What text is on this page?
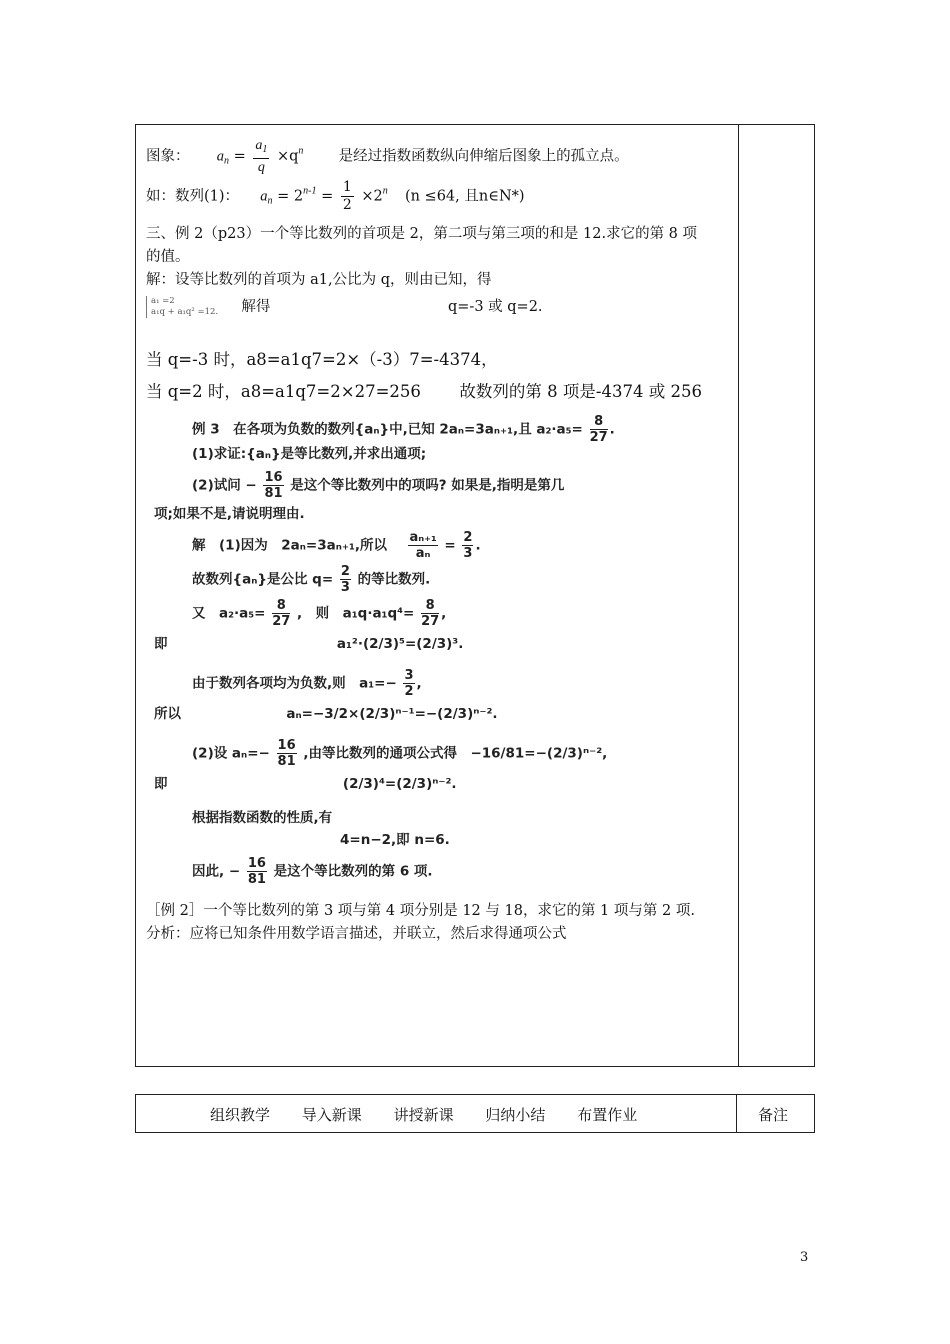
图象： $a_n = \frac{a_1}{q} \times q^n$ 是经过指数函数纵向伸缩后图象上的孤立点。
如：数列(1)： $a_n = 2^{n-1} = \frac{1}{2} \times 2^n$ (n ≤64, 且n∈N*)
三、例 2（p23）一个等比数列的首项是 2，第二项与第三项的和是 12.求它的第 8 项
的值。
解：设等比数列的首项为 a1,公比为 q，则由已知，得
a₁ =2
a₁q + a₁q² =12. 解得	q=-3 或 q=2.
当 q=-3 时，a8=a1q7=2×（-3）7=-4374，
当 q=2 时，a8=a1q7=2×27=256 故数列的第 8 项是-4374 或 256
例 3　在各项为负数的数列{aₙ}中,已知 2aₙ=3aₙ₊₁,且 $a_2\cdot a_5= \frac{8}{27}$ .
(1)求证:{aₙ}是等比数列,并求出通项;
(2)试问 − $\frac{16}{81}$ 是这个等比数列中的项吗? 如果是,指明是第几
项;如果不是,请说明理由.
解　(1)因为　2aₙ=3aₙ₊₁,所以 $\frac{\text{aₙ₊₁}}{\text{aₙ}} = \frac{2}{3}$ .
故数列{aₙ}是公比 $q= \frac{2}{3}$ 的等比数列.
又　$a_2\cdot a_5= \frac{8}{27}$ ,　则　$a_1q\cdot a_1q^4= \frac{8}{27}$ ,
即	a₁²·(2/3)⁵=(2/3)³.
由于数列各项均为负数,则　$a_1=- \frac{3}{2}$ ,
所以	aₙ=−3/2×(2/3)ⁿ⁻¹=−(2/3)ⁿ⁻².
(2)设 $a_n=- \frac{16}{81}$ ,由等比数列的通项公式得　−16/81=−(2/3)ⁿ⁻²,
即	(2/3)⁴=(2/3)ⁿ⁻².
根据指数函数的性质,有
4=n−2,即 n=6.
因此, − $\frac{16}{81}$ 是这个等比数列的第 6 项.
［例 2］一个等比数列的第 3 项与第 4 项分别是 12 与 18，求它的第 1 项与第 2 项.
分析：应将已知条件用数学语言描述，并联立，然后求得通项公式
组织教学 导入新课 讲授新课 归纳小结 布置作业	备注
3
